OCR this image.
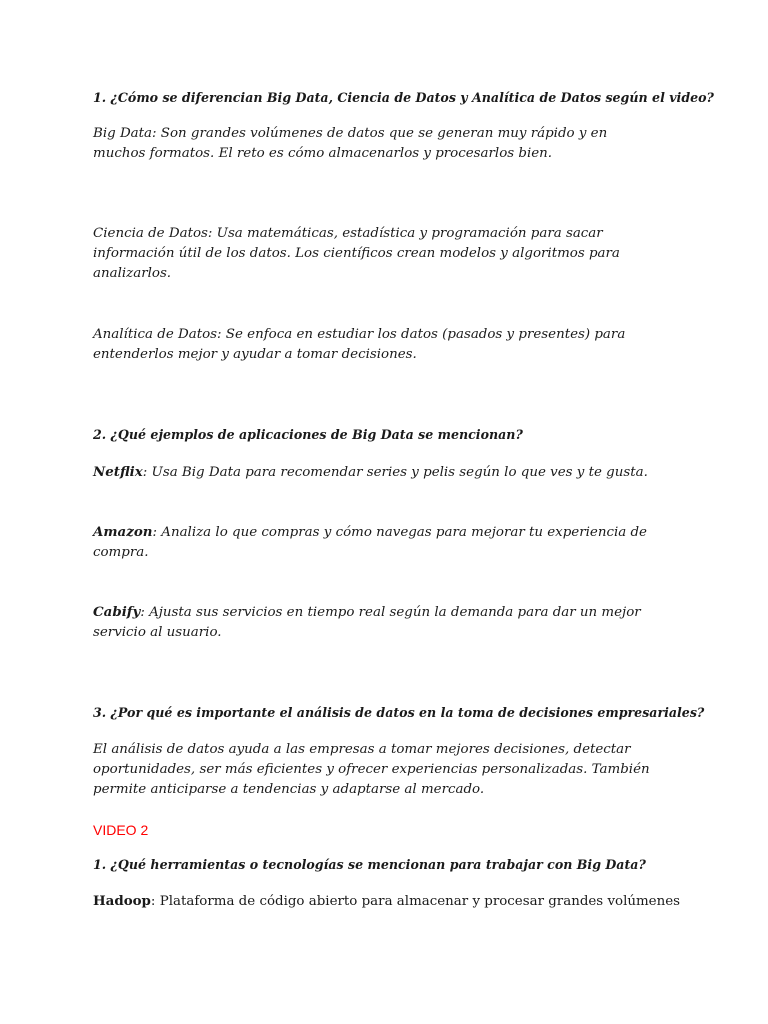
1. ¿Cómo se diferencian Big Data, Ciencia de Datos y Analítica de Datos según el video?

Big Data: Son grandes volúmenes de datos que se generan muy rápido y en muchos formatos. El reto es cómo almacenarlos y procesarlos bien.

Ciencia de Datos: Usa matemáticas, estadística y programación para sacar información útil de los datos. Los científicos crean modelos y algoritmos para analizarlos.

Analítica de Datos: Se enfoca en estudiar los datos (pasados y presentes) para entenderlos mejor y ayudar a tomar decisiones.

2. ¿Qué ejemplos de aplicaciones de Big Data se mencionan?

Netflix: Usa Big Data para recomendar series y pelis según lo que ves y te gusta.

Amazon: Analiza lo que compras y cómo navegas para mejorar tu experiencia de compra.

Cabify: Ajusta sus servicios en tiempo real según la demanda para dar un mejor servicio al usuario.

3. ¿Por qué es importante el análisis de datos en la toma de decisiones empresariales?

El análisis de datos ayuda a las empresas a tomar mejores decisiones, detectar oportunidades, ser más eficientes y ofrecer experiencias personalizadas. También permite anticiparse a tendencias y adaptarse al mercado.

VIDEO 2

1. ¿Qué herramientas o tecnologías se mencionan para trabajar con Big Data?

Hadoop: Plataforma de código abierto para almacenar y procesar grandes volúmenes
